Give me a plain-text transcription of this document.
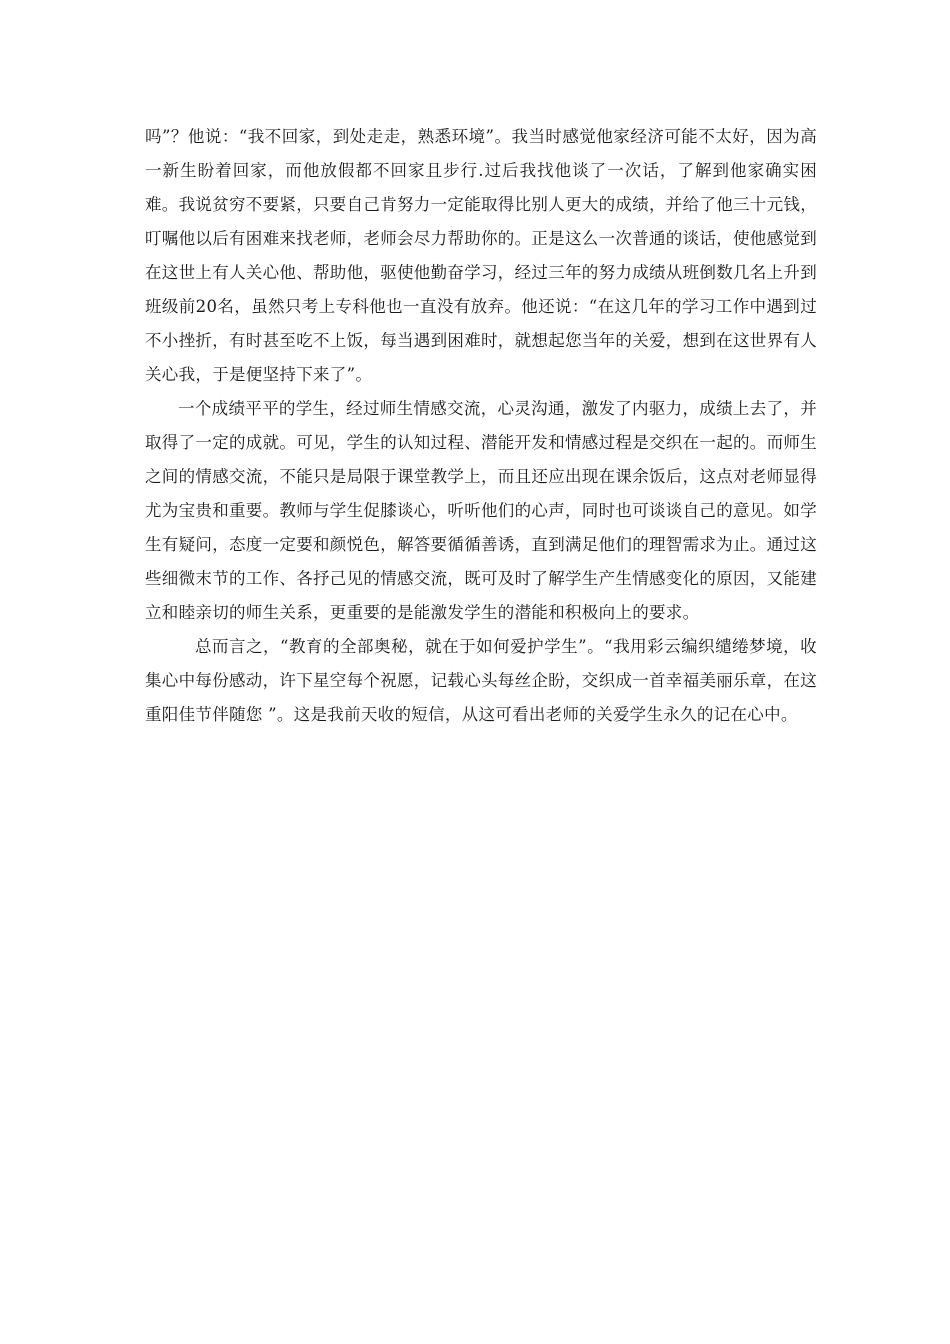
吗”？他说：“我不回家，到处走走，熟悉环境”。我当时感觉他家经济可能不太好，因为高一新生盼着回家，而他放假都不回家且步行.过后我找他谈了一次话，了解到他家确实困难。我说贫穷不要紧，只要自己肯努力一定能取得比别人更大的成绩，并给了他三十元钱，叮嘱他以后有困难来找老师，老师会尽力帮助你的。正是这么一次普通的谈话，使他感觉到在这世上有人关心他、帮助他，驱使他勤奋学习，经过三年的努力成绩从班倒数几名上升到班级前20名，虽然只考上专科他也一直没有放弃。他还说：“在这几年的学习工作中遇到过不小挫折，有时甚至吃不上饭，每当遇到困难时，就想起您当年的关爱，想到在这世界有人关心我，于是便坚持下来了”。

一个成绩平平的学生，经过师生情感交流，心灵沟通，激发了内驱力，成绩上去了，并取得了一定的成就。可见，学生的认知过程、潜能开发和情感过程是交织在一起的。而师生之间的情感交流，不能只是局限于课堂教学上，而且还应出现在课余饭后，这点对老师显得尤为宝贵和重要。教师与学生促膝谈心，听听他们的心声，同时也可谈谈自己的意见。如学生有疑问，态度一定要和颜悦色，解答要循循善诱，直到满足他们的理智需求为止。通过这些细微末节的工作、各抒己见的情感交流，既可及时了解学生产生情感变化的原因，又能建立和睦亲切的师生关系，更重要的是能激发学生的潜能和积极向上的要求。

总而言之，“教育的全部奥秘，就在于如何爱护学生”。“我用彩云编织缱绻梦境，收集心中每份感动，许下星空每个祝愿，记载心头每丝企盼，交织成一首幸福美丽乐章，在这重阳佳节伴随您 ”。这是我前天收的短信，从这可看出老师的关爱学生永久的记在心中。
